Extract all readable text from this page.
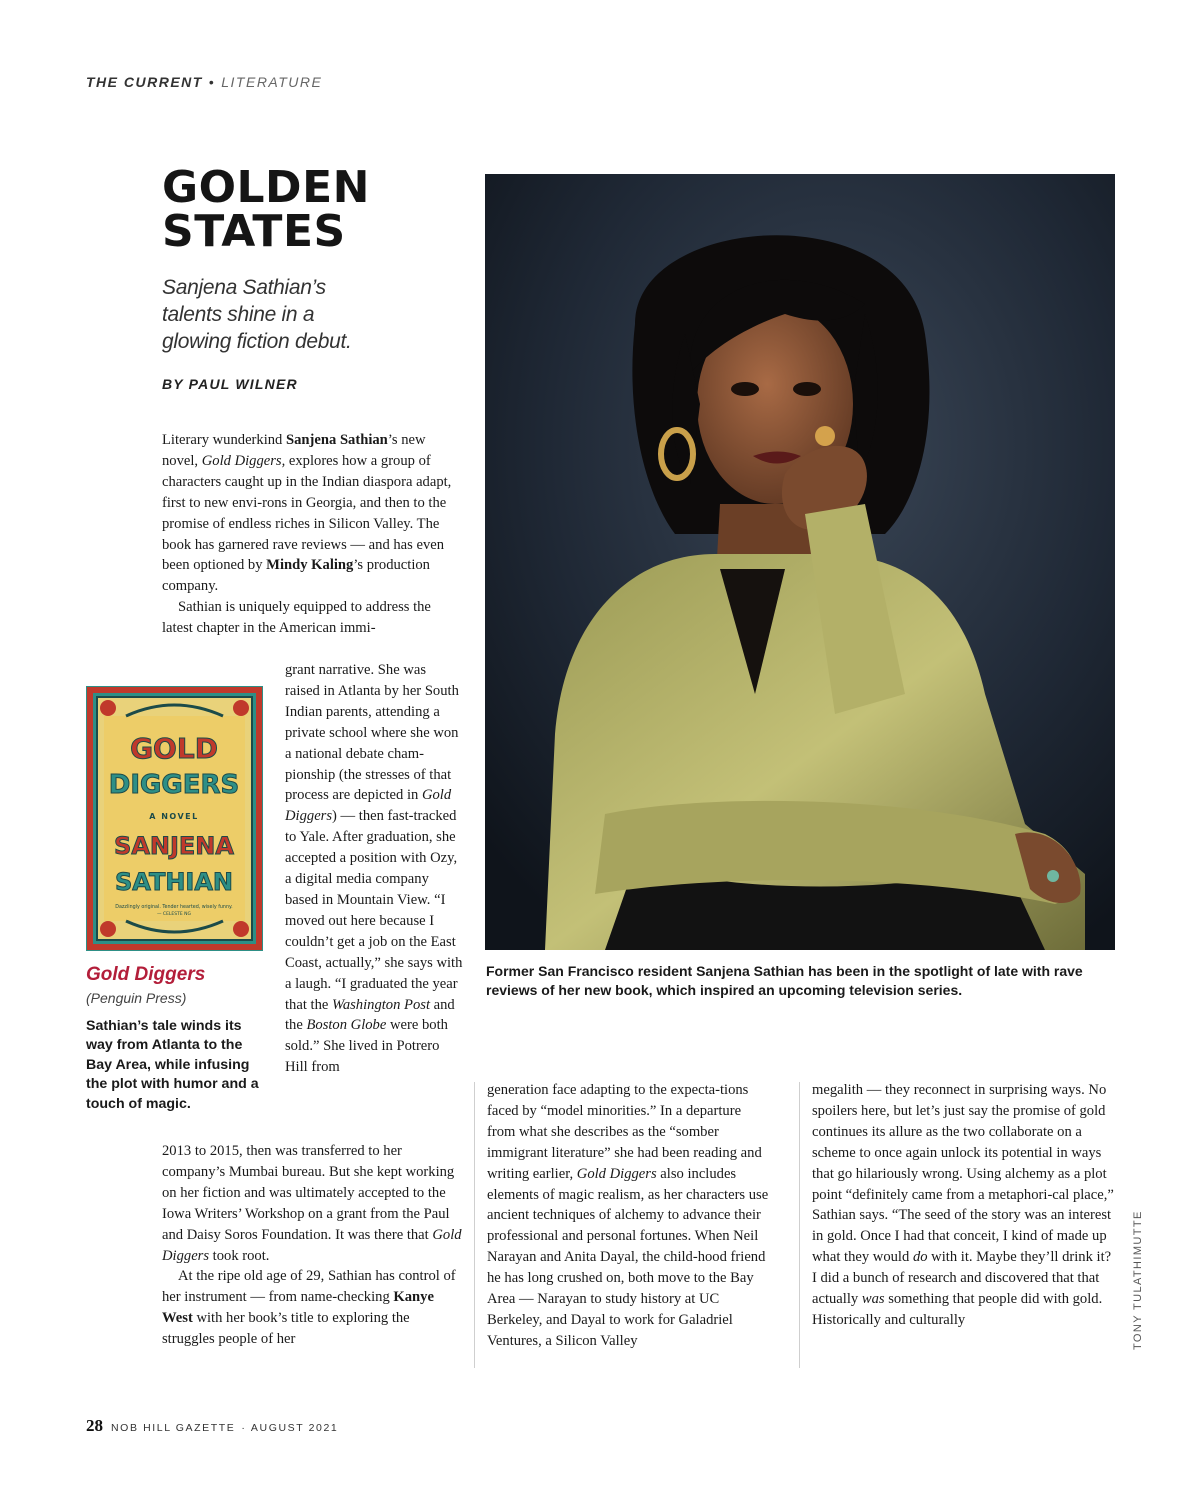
THE CURRENT • LITERATURE
GOLDEN
STATES
Sanjena Sathian’s talents shine in a glowing fiction debut.
BY PAUL WILNER

Literary wunderkind Sanjena Sathian’s new novel, Gold Diggers, explores how a group of characters caught up in the Indian diaspora adapt, first to new envi-rons in Georgia, and then to the promise of endless riches in Silicon Valley. The book has garnered rave reviews — and has even been optioned by Mindy Kaling’s production company.

Sathian is uniquely equipped to address the latest chapter in the American immi-

grant narrative. She was raised in Atlanta by her South Indian parents, attending a private school where she won a national debate cham-pionship (the stresses of that process are depicted in Gold Diggers) — then fast-tracked to Yale. After graduation, she accepted a position with Ozy, a digital media company based in Mountain View. “I moved out here because I couldn’t get a job on the East Coast, actually,” she says with a laugh. “I graduated the year that the Washington Post and the Boston Globe were both sold.” She lived in Potrero Hill from

2013 to 2015, then was transferred to her company’s Mumbai bureau. But she kept working on her fiction and was ultimately accepted to the Iowa Writers’ Workshop on a grant from the Paul and Daisy Soros Foundation. It was there that Gold Diggers took root.

At the ripe old age of 29, Sathian has control of her instrument — from name-checking Kanye West with her book’s title to exploring the struggles people of her

generation face adapting to the expecta-tions faced by “model minorities.” In a departure from what she describes as the “somber immigrant literature” she had been reading and writing earlier, Gold Diggers also includes elements of magic realism, as her characters use ancient techniques of alchemy to advance their professional and personal fortunes. When Neil Narayan and Anita Dayal, the child-hood friend he has long crushed on, both move to the Bay Area — Narayan to study history at UC Berkeley, and Dayal to work for Galadriel Ventures, a Silicon Valley

megalith — they reconnect in surprising ways. No spoilers here, but let’s just say the promise of gold continues its allure as the two collaborate on a scheme to once again unlock its potential in ways that go hilariously wrong. Using alchemy as a plot point “definitely came from a metaphori-cal place,” Sathian says. “The seed of the story was an interest in gold. Once I had that conceit, I kind of made up what they would do with it. Maybe they’ll drink it? I did a bunch of research and discovered that that actually was something that people did with gold. Historically and culturally

Former San Francisco resident Sanjena Sathian has been in the spotlight of late with rave reviews of her new book, which inspired an upcoming television series.
GOLD
DIGGERS
A NOVEL
SANJENA
SATHIAN
Dazzlingly original. Tender hearted, wisely funny.
— CELESTE NG
Gold Diggers
(Penguin Press)
Sathian’s tale winds its way from Atlanta to the Bay Area, while infusing the plot with humor and a touch of magic.
TONY TULATHIMUTTE
28 NOB HILL GAZETTE · AUGUST 2021
